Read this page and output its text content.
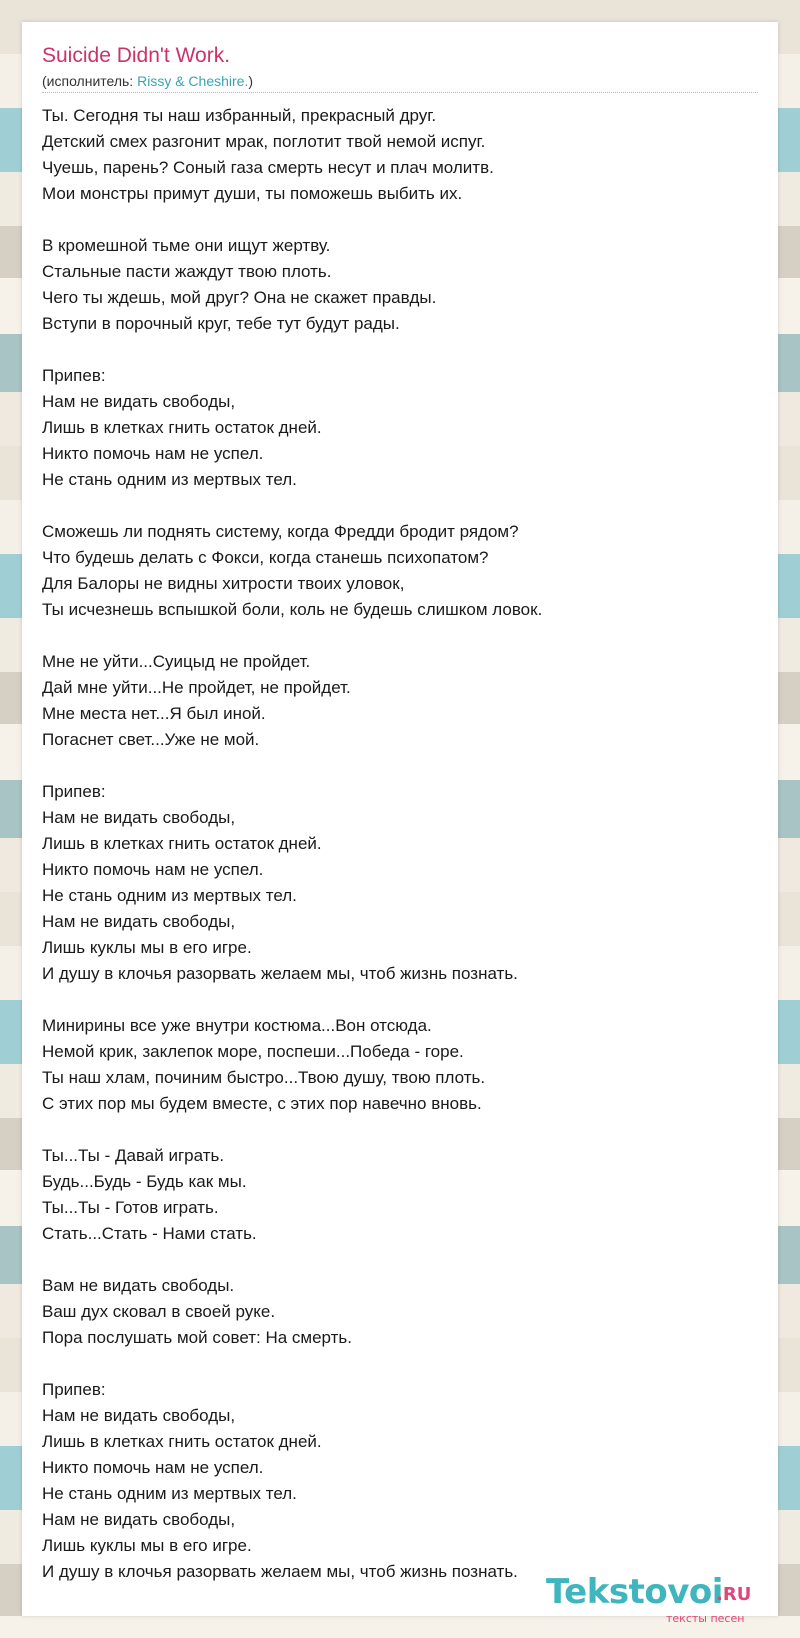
Suicide Didn't Work.
(исполнитель: Rissy & Cheshire.)
Ты. Сегодня ты наш избранный, прекрасный друг.
Детский смех разгонит мрак, поглотит твой немой испуг.
Чуешь, парень? Соный газа смерть несут и плач молитв.
Мои монстры примут души, ты поможешь выбить их.
В кромешной тьме они ищут жертву.
Стальные пасти жаждут твою плоть.
Чего ты ждешь, мой друг? Она не скажет правды.
Вступи в порочный круг, тебе тут будут рады.
Припев:
Нам не видать свободы,
Лишь в клетках гнить остаток дней.
Никто помочь нам не успел.
Не стань одним из мертвых тел.
Сможешь ли поднять систему, когда Фредди бродит рядом?
Что будешь делать с Фокси, когда станешь психопатом?
Для Балоры не видны хитрости твоих уловок,
Ты исчезнешь вспышкой боли, коль не будешь слишком ловок.
Мне не уйти...Суицыд не пройдет.
Дай мне уйти...Не пройдет, не пройдет.
Мне места нет...Я был иной.
Погаснет свет...Уже не мой.
Припев:
Нам не видать свободы,
Лишь в клетках гнить остаток дней.
Никто помочь нам не успел.
Не стань одним из мертвых тел.
Нам не видать свободы,
Лишь куклы мы в его игре.
И душу в клочья разорвать желаем мы, чтоб жизнь познать.
Минирины все уже внутри костюма...Вон отсюда.
Немой крик, заклепок море, поспеши...Победа - горе.
Ты наш хлам, починим быстро...Твою душу, твою плоть.
С этих пор мы будем вместе, с этих пор навечно вновь.
Ты...Ты - Давай играть.
Будь...Будь - Будь как мы.
Ты...Ты - Готов играть.
Стать...Стать - Нами стать.
Вам не видать свободы.
Ваш дух сковал в своей руке.
Пора послушать мой совет: На смерть.
Припев:
Нам не видать свободы,
Лишь в клетках гнить остаток дней.
Никто помочь нам не успел.
Не стань одним из мертвых тел.
Нам не видать свободы,
Лишь куклы мы в его игре.
И душу в клочья разорвать желаем мы, чтоб жизнь познать.
Tekstovoi
.RU
тексты песен
